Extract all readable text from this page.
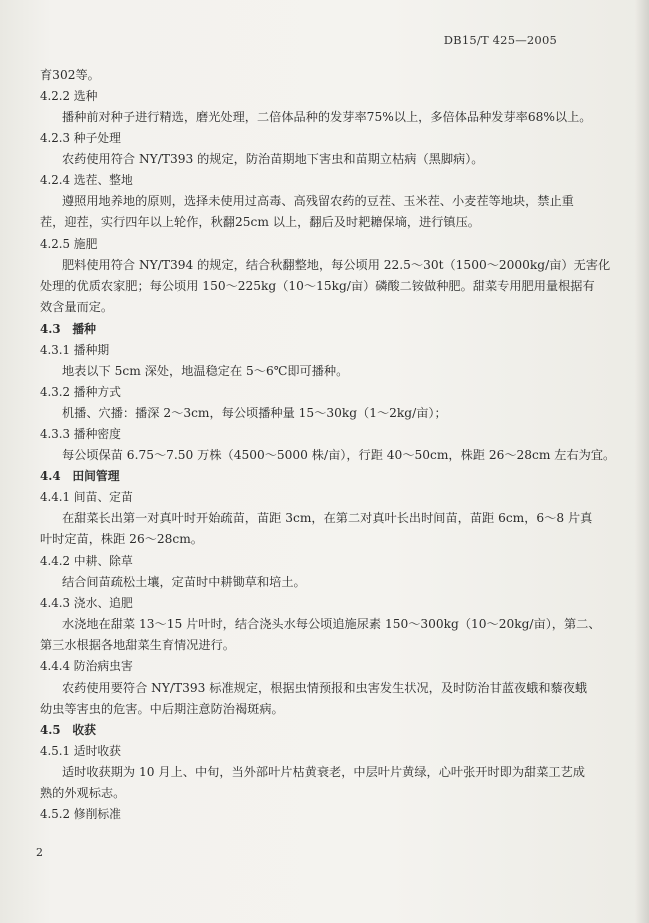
DB15/T 425—2005
育302等。
4.2.2 选种
播种前对种子进行精选，磨光处理，二倍体品种的发芽率75%以上，多倍体品种发芽率68%以上。
4.2.3 种子处理
农药使用符合 NY/T393 的规定，防治苗期地下害虫和苗期立枯病（黑脚病）。
4.2.4 选茬、整地
遵照用地养地的原则，选择未使用过高毒、高残留农药的豆茬、玉米茬、小麦茬等地块，禁止重
茬，迎茬，实行四年以上轮作，秋翻25cm 以上，翻后及时耙耱保墒，进行镇压。
4.2.5 施肥
肥料使用符合 NY/T394 的规定，结合秋翻整地，每公顷用 22.5～30t（1500～2000kg/亩）无害化
处理的优质农家肥；每公顷用 150～225kg（10～15kg/亩）磷酸二铵做种肥。甜菜专用肥用量根据有
效含量而定。
4.3　播种
4.3.1 播种期
地表以下 5cm 深处，地温稳定在 5～6℃即可播种。
4.3.2 播种方式
机播、穴播：播深 2～3cm，每公顷播种量 15～30kg（1～2kg/亩）；
4.3.3 播种密度
每公顷保苗 6.75～7.50 万株（4500～5000 株/亩），行距 40～50cm，株距 26～28cm 左右为宜。
4.4　田间管理
4.4.1 间苗、定苗
在甜菜长出第一对真叶时开始疏苗，苗距 3cm，在第二对真叶长出时间苗，苗距 6cm，6～8 片真
叶时定苗，株距 26～28cm。
4.4.2 中耕、除草
结合间苗疏松土壤，定苗时中耕锄草和培土。
4.4.3 浇水、追肥
水浇地在甜菜 13～15 片叶时，结合浇头水每公顷追施尿素 150～300kg（10～20kg/亩），第二、
第三水根据各地甜菜生育情况进行。
4.4.4 防治病虫害
农药使用要符合 NY/T393 标准规定，根据虫情预报和虫害发生状况，及时防治甘蓝夜蛾和藜夜蛾
幼虫等害虫的危害。中后期注意防治褐斑病。
4.5　收获
4.5.1 适时收获
适时收获期为 10 月上、中旬，当外部叶片枯黄衰老，中层叶片黄绿，心叶张开时即为甜菜工艺成
熟的外观标志。
4.5.2 修削标准
2
